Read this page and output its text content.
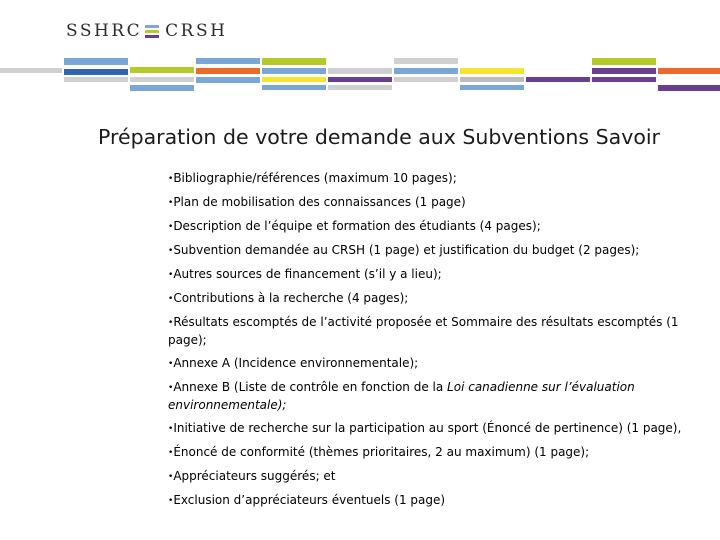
SSHRC CRSH
Préparation de votre demande aux Subventions Savoir
•Bibliographie/références (maximum 10 pages);
•Plan de mobilisation des connaissances (1 page)
•Description de l’équipe et formation des étudiants (4 pages);
•Subvention demandée au CRSH (1 page) et justification du budget (2 pages);
•Autres sources de financement (s’il y a lieu);
•Contributions à la recherche (4 pages);
•Résultats escomptés de l’activité proposée et Sommaire des résultats escomptés (1 page);
•Annexe A (Incidence environnementale);
•Annexe B (Liste de contrôle en fonction de la Loi canadienne sur l’évaluation environnementale);
•Initiative de recherche sur la participation au sport (Énoncé de pertinence) (1 page),
•Énoncé de conformité (thèmes prioritaires, 2 au maximum) (1 page);
•Appréciateurs suggérés; et
•Exclusion d’appréciateurs éventuels (1 page)
